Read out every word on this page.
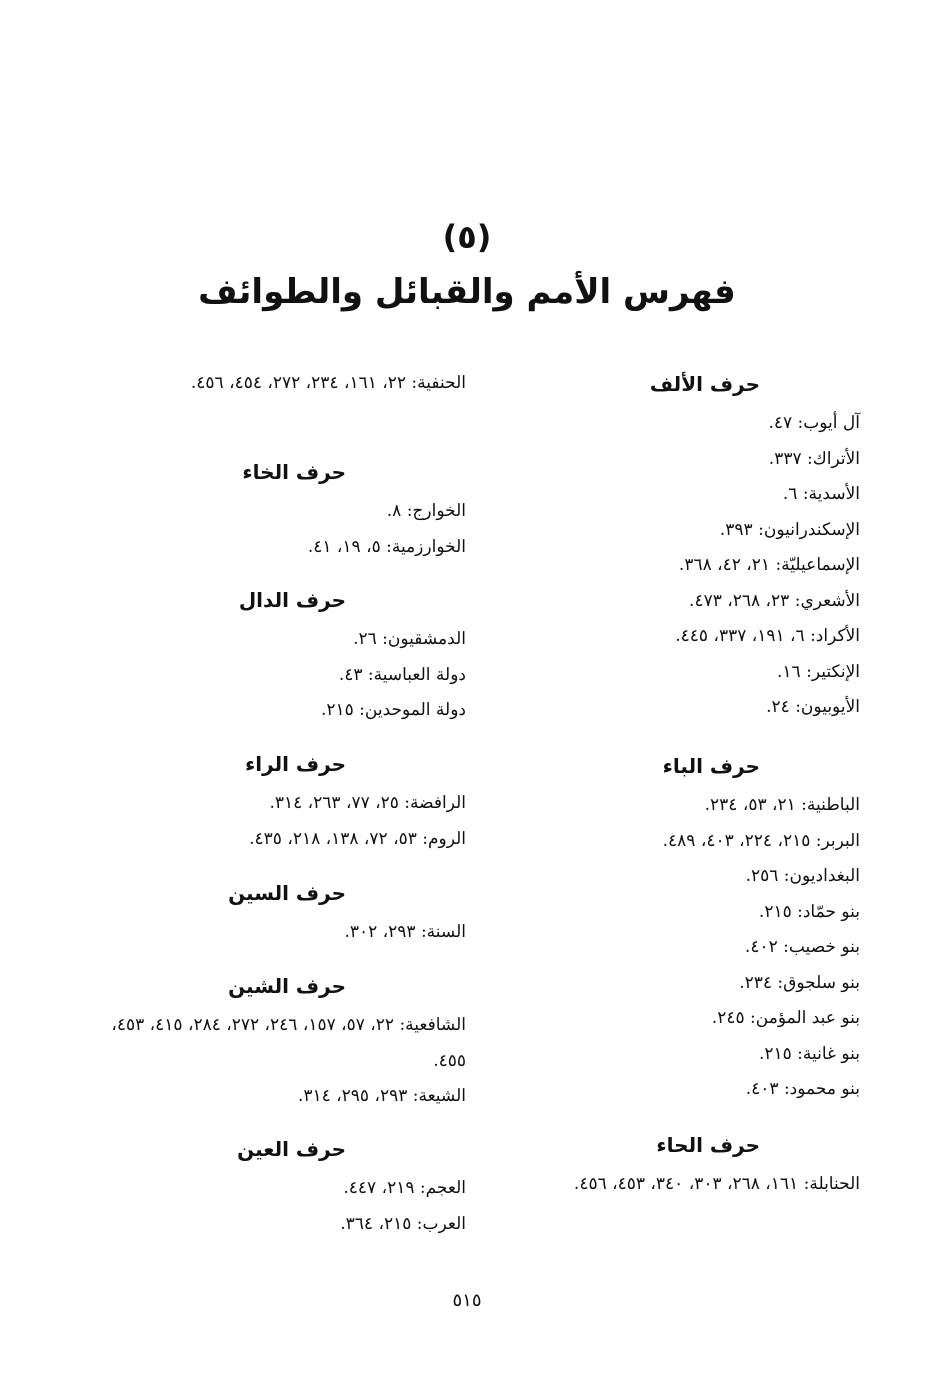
(٥)
فهرس الأمم والقبائل والطوائف
حرف الألف
آل أيوب: ٤٧.
الأتراك: ٣٣٧.
الأسدية: ٦.
الإسكندرانيون: ٣٩٣.
الإسماعيليّة: ٢١، ٤٢، ٣٦٨.
الأشعري: ٢٣، ٢٦٨، ٤٧٣.
الأكراد: ٦، ١٩١، ٣٣٧، ٤٤٥.
الإنكتير: ١٦.
الأيوبيون: ٢٤.
حرف الباء
الباطنية: ٢١، ٥٣، ٢٣٤.
البربر: ٢١٥، ٢٢٤، ٤٠٣، ٤٨٩.
البغداديون: ٢٥٦.
بنو حمّاد: ٢١٥.
بنو خصيب: ٤٠٢.
بنو سلجوق: ٢٣٤.
بنو عبد المؤمن: ٢٤٥.
بنو غانية: ٢١٥.
بنو محمود: ٤٠٣.
حرف الحاء
الحنابلة: ١٦١، ٢٦٨، ٣٠٣، ٣٤٠، ٤٥٣، ٤٥٦.
الحنفية: ٢٢، ١٦١، ٢٣٤، ٢٧٢، ٤٥٤، ٤٥٦.
حرف الخاء
الخوارج: ٨.
الخوارزمية: ٥، ١٩، ٤١.
حرف الدال
الدمشقيون: ٢٦.
دولة العباسية: ٤٣.
دولة الموحدين: ٢١٥.
حرف الراء
الرافضة: ٢٥، ٧٧، ٢٦٣، ٣١٤.
الروم: ٥٣، ٧٢، ١٣٨، ٢١٨، ٤٣٥.
حرف السين
السنة: ٢٩٣، ٣٠٢.
حرف الشين
الشافعية: ٢٢، ٥٧، ١٥٧، ٢٤٦، ٢٧٢، ٢٨٤، ٤١٥، ٤٥٣، ٤٥٥.
الشيعة: ٢٩٣، ٢٩٥، ٣١٤.
حرف العين
العجم: ٢١٩، ٤٤٧.
العرب: ٢١٥، ٣٦٤.
٥١٥
